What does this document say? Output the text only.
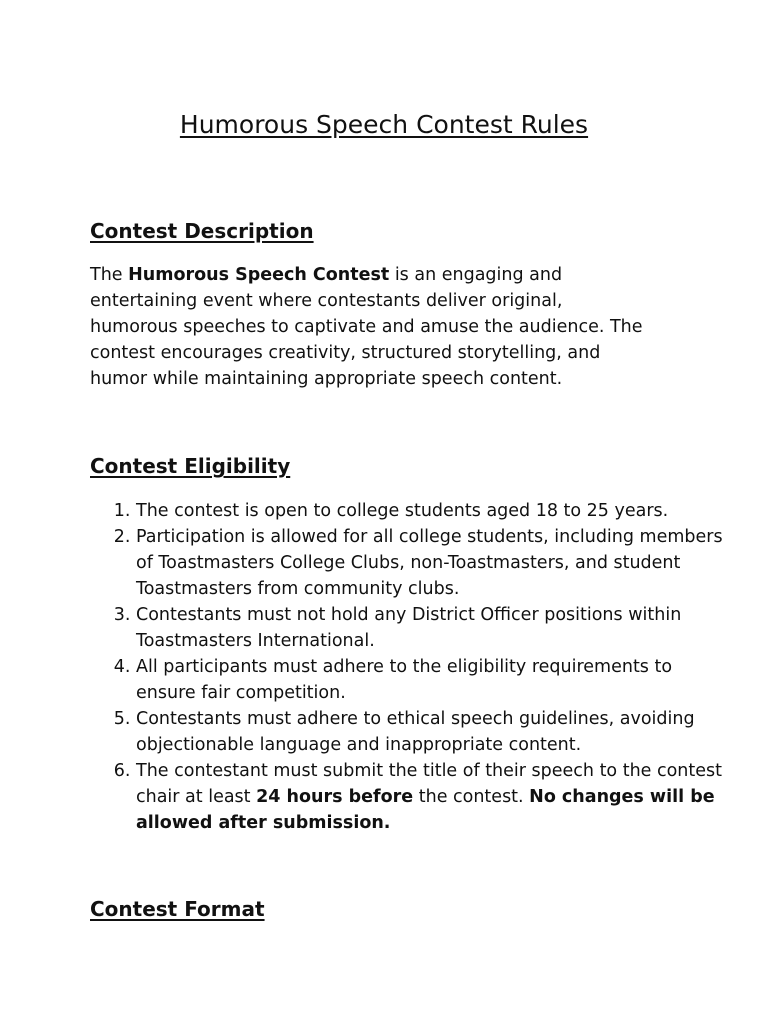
Humorous Speech Contest Rules
Contest Description

The Humorous Speech Contest is an engaging and entertaining event where contestants deliver original, humorous speeches to captivate and amuse the audience. The contest encourages creativity, structured storytelling, and humor while maintaining appropriate speech content.

Contest Eligibility
1. The contest is open to college students aged 18 to 25 years.
2. Participation is allowed for all college students, including members of Toastmasters College Clubs, non-Toastmasters, and student Toastmasters from community clubs.
3. Contestants must not hold any District Officer positions within Toastmasters International.
4. All participants must adhere to the eligibility requirements to ensure fair competition.
5. Contestants must adhere to ethical speech guidelines, avoiding objectionable language and inappropriate content.
6. The contestant must submit the title of their speech to the contest chair at least 24 hours before the contest. No changes will be allowed after submission.
Contest Format
